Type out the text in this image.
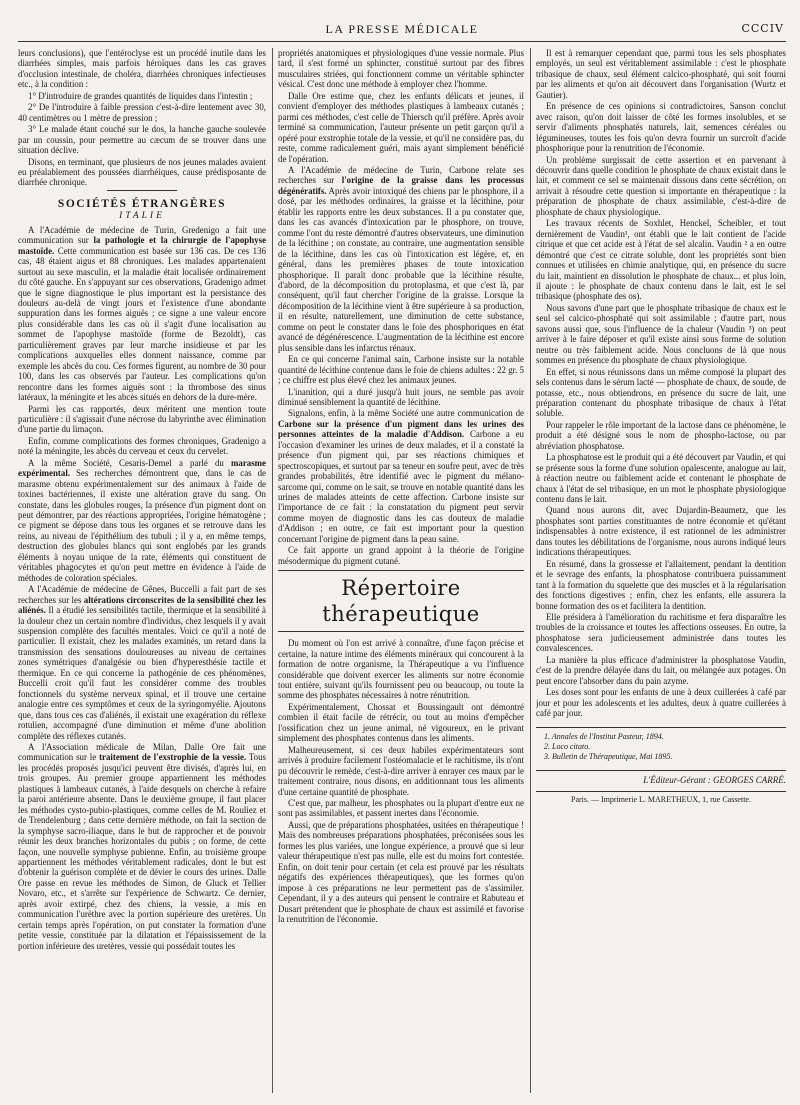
LA PRESSE MÉDICALE	CCCIV

leurs conclusions), que l'entéroclyse est un procédé inutile dans les diarrhées simples, mais parfois héroïques dans les cas graves d'occlusion intestinale, de choléra, diarrhées chroniques infectieuses etc., à la condition :

1° D'introduire de grandes quantités de liquides dans l'intestin ;

2° De l'introduire à faible pression c'est-à-dire lentement avec 30, 40 centimètres ou 1 mètre de pression ;

3° Le malade étant couché sur le dos, la hanche gauche soulevée par un coussin, pour permettre au cæcum de se trouver dans une situation déclive.

Disons, en terminant, que plusieurs de nos jeunes malades avaient eu préalablement des poussées diarrhéiques, cause prédisposante de diarrhée chronique.

SOCIÉTÉS ÉTRANGÈRES
ITALIE

A l'Académie de médecine de Turin, Gredenigo a fait une communication sur la pathologie et la chirurgie de l'apophyse mastoïde. Cette communication est basée sur 136 cas. De ces 136 cas, 48 étaient aigus et 88 chroniques. Les malades appartenaient surtout au sexe masculin, et la maladie était localisée ordinairement du côté gauche. En s'appuyant sur ces observations, Gradenigo admet que le signe diagnostique le plus important est la persistance des douleurs au-delà de vingt jours et l'existence d'une abondante suppuration dans les formes aiguës ; ce signe a une valeur encore plus considérable dans les cas où il s'agit d'une localisation au sommet de l'apophyse mastoïde (forme de Bezoldt), cas particulièrement graves par leur marche insidieuse et par les complications auxquelles elles donnent naissance, comme par exemple les abcès du cou. Ces formes figurent, au nombre de 30 pour 100, dans les cas observés par l'auteur. Les complications qu'on rencontre dans les formes aiguës sont : la thrombose des sinus latéraux, la méningite et les abcès situés en dehors de la dure-mère.

Parmi les cas rapportés, deux méritent une mention toute particulière : il s'agissait d'une nécrose du labyrinthe avec élimination d'une partie du limaçon.

Enfin, comme complications des formes chroniques, Gradenigo a noté la méningite, les abcès du cerveau et ceux du cervelet.

A la même Société, Cesaris-Demel a parlé du marasme expérimental. Ses recherches démontrent que, dans le cas de marasme obtenu expérimentalement sur des animaux à l'aide de toxines bactériennes, il existe une altération grave du sang. On constate, dans les globules rouges, la présence d'un pigment dont on peut démontrer, par des réactions appropriées, l'origine hématogène ; ce pigment se dépose dans tous les organes et se retrouve dans les reins, au niveau de l'épithélium des tubuli ; il y a, en même temps, destruction des globules blancs qui sont englobés par les grands éléments à noyau unique de la rate, éléments qui constituent de véritables phagocytes et qu'on peut mettre en évidence à l'aide de méthodes de coloration spéciales.

A l'Académie de médecine de Gênes, Buccelli a fait part de ses recherches sur les altérations circonscrites de la sensibilité chez les aliénés. Il a étudié les sensibilités tactile, thermique et la sensibilité à la douleur chez un certain nombre d'individus, chez lesquels il y avait suspension complète des facultés mentales. Voici ce qu'il a noté de particulier. Il existait, chez les malades examinés, un retard dans la transmission des sensations douloureuses au niveau de certaines zones symétriques d'analgésie ou bien d'hyperesthésie tactile et thermique. En ce qui concerne la pathogénie de ces phénomènes, Buccelli croit qu'il faut les considérer comme des troubles fonctionnels du système nerveux spinal, et il trouve une certaine analogie entre ces symptômes et ceux de la syringomyélie. Ajoutons que, dans tous ces cas d'aliénés, il existait une exagération du réflexe rotulien, accompagné d'une diminution et même d'une abolition complète des réflexes cutanés.

A l'Association médicale de Milan, Dalle Ore fait une communication sur le traitement de l'exstrophie de la vessie. Tous les procédés proposés jusqu'ici peuvent être divisés, d'après lui, en trois groupes. Au premier groupe appartiennent les méthodes plastiques à lambeaux cutanés, à l'aide desquels on cherche à refaire la paroi antérieure absente. Dans le deuxième groupe, il faut placer les méthodes cysto-pubio-plastiques, comme celles de M. Rouliez et de Trendelenburg ; dans cette dernière méthode, on fait la section de la symphyse sacro-iliaque, dans le but de rapprocher et de pouvoir réunir les deux branches horizontales du pubis ; on forme, de cette façon, une nouvelle symphyse pubienne. Enfin, au troisième groupe appartiennent les méthodes véritablement radicales, dont le but est d'obtenir la guérison complète et de dévier le cours des urines. Dalle Ore passe en revue les méthodes de Simon, de Gluck et Tellier Novaro, etc., et s'arrête sur l'expérience de Schwartz. Ce dernier, après avoir extirpé, chez des chiens, la vessie, a mis en communication l'urèthre avec la portion supérieure des uretères. Un certain temps après l'opération, on put constater la formation d'une petite vessie, constituée par la dilatation et l'épaississement de la portion inférieure des uretères, vessie qui possédait toutes les

propriétés anatomiques et physiologiques d'une vessie normale. Plus tard, il s'est formé un sphincter, constitué surtout par des fibres musculaires striées, qui fonctionnent comme un véritable sphincter vésical. C'est donc une méthode à employer chez l'homme.

Dalle Ore estime que, chez les enfants délicats et jeunes, il convient d'employer des méthodes plastiques à lambeaux cutanés ; parmi ces méthodes, c'est celle de Thiersch qu'il préfère. Après avoir terminé sa communication, l'auteur présente un petit garçon qu'il a opéré pour exstrophie totale de la vessie, et qu'il ne considère pas, du reste, comme radicalement guéri, mais ayant simplement bénéficié de l'opération.

A l'Académie de médecine de Turin, Carbone relate ses recherches sur l'origine de la graisse dans les processus dégénératifs. Après avoir intoxiqué des chiens par le phosphore, il a dosé, par les méthodes ordinaires, la graisse et la lécithine, pour établir les rapports entre les deux substances. Il a pu constater que, dans les cas avancés d'intoxication par le phosphore, on trouve, comme l'ont du reste démontré d'autres observateurs, une diminution de la lécithine ; on constate, au contraire, une augmentation sensible de la lécithine, dans les cas où l'intoxication est légère, et, en général, dans les premières phases de toute intoxication phosphorique. Il paraît donc probable que la lécithine résulte, d'abord, de la décomposition du protoplasma, et que c'est là, par conséquent, qu'il faut chercher l'origine de la graisse. Lorsque la décomposition de la lécithine vient à être supérieure à sa production, il en résulte, naturellement, une diminution de cette substance, comme on peut le constater dans le foie des phosphoriques en état avancé de dégénérescence. L'augmentation de la lécithine est encore plus sensible dans les infarctus rénaux.

En ce qui concerne l'animal sain, Carbone insiste sur la notable quantité de lécithine contenue dans le foie de chiens adultes : 22 gr. 5 ; ce chiffre est plus élevé chez les animaux jeunes.

L'inanition, qui a duré jusqu'à huit jours, ne semble pas avoir diminué sensiblement la quantité de lécithine.

Signalons, enfin, à la même Société une autre communication de Carbone sur la présence d'un pigment dans les urines des personnes atteintes de la maladie d'Addison. Carbone a eu l'occasion d'examiner les urines de deux malades, et il a constaté la présence d'un pigment qui, par ses réactions chimiques et spectroscopiques, et surtout par sa teneur en soufre peut, avec de très grandes probabilités, être identifié avec le pigment du mélano-sarcome qui, comme on le sait, se trouve en notable quantité dans les urines de malades atteints de cette affection. Carbone insiste sur l'importance de ce fait : la constatation du pigment peut servir comme moyen de diagnostic dans les cas douteux de maladie d'Addison ; en outre, ce fait est important pour la question concernant l'origine de pigment dans la peau saine.

Ce fait apporte un grand appoint à la théorie de l'origine mésodermique du pigment cutané.

Répertoire thérapeutique

Du moment où l'on est arrivé à connaître, d'une façon précise et certaine, la nature intime des éléments minéraux qui concourent à la formation de notre organisme, la Thérapeutique a vu l'influence considérable que doivent exercer les aliments sur notre économie tout entière, suivant qu'ils fournissent peu ou beaucoup, ou toute la somme des phosphates nécessaires à notre rénutrition.

Expérimentalement, Chossat et Boussingault ont démontré combien il était facile de rétrécir, ou tout au moins d'empêcher l'ossification chez un jeune animal, né vigoureux, en le privant simplement des phosphates contenus dans les aliments.

Malheureusement, si ces deux habiles expérimentateurs sont arrivés à produire facilement l'ostéomalacie et le rachitisme, ils n'ont pu découvrir le remède, c'est-à-dire arriver à enrayer ces maux par le traitement contraire, nous disons, en additionnant tous les aliments d'une certaine quantité de phosphate.

C'est que, par malheur, les phosphates ou la plupart d'entre eux ne sont pas assimilables, et passent inertes dans l'économie.

Aussi, que de préparations phosphatées, usitées en thérapeutique ! Mais des nombreuses préparations phosphatées, préconisées sous les formes les plus variées, une longue expérience, a prouvé que si leur valeur thérapeutique n'est pas nulle, elle est du moins fort contestée. Enfin, on doit tenir pour certain (et cela est prouvé par les résultats négatifs des expériences thérapeutiques), que les formes qu'on impose à ces préparations ne leur permettent pas de s'assimiler. Cependant, il y a des auteurs qui pensent le contraire et Rabuteau et Dusart prétendent que le phosphate de chaux est assimilé et favorise la renutrition de l'économie.

Il est à remarquer cependant que, parmi tous les sels phosphates employés, un seul est véritablement assimilable : c'est le phosphate tribasique de chaux, seul élément calcico-phosphaté, qui soit fourni par les aliments et qu'on ait découvert dans l'organisation (Wurtz et Gautier).

En présence de ces opinions si contradictoires, Sanson conclut avec raison, qu'on doit laisser de côté les formes insolubles, et se servir d'aliments phosphatés naturels, lait, semences céréales ou légumineuses, toutes les fois qu'on devra fournir un surcroît d'acide phosphorique pour la renutrition de l'économie.

Un problème surgissait de cette assertion et en parvenant à découvrir dans quelle condition le phosphate de chaux existait dans le lait, et comment ce sel se maintenait dissous dans cette sécrétion, on arrivait à résoudre cette question si importante en thérapeutique : la préparation de phosphate de chaux assimilable, c'est-à-dire de phosphate de chaux physiologique.

Les travaux récents de Soxhlet, Henckel, Scheibler, et tout dernièrement de Vaudin¹, ont établi que le lait contient de l'acide citrique et que cet acide est à l'état de sel alcalin. Vaudin ² a en outre démontré que c'est ce citrate soluble, dont les propriétés sont bien connues et utilisées en chimie analytique, qui, en présence du sucre du lait, maintient en dissolution le phosphate de chaux... et plus loin, il ajoute : le phosphate de chaux contenu dans le lait, est le sel tribasique (phosphate des os).

Nous savons d'une part que le phosphate tribasique de chaux est le seul sel calcico-phosphaté qui soit assimilable ; d'autre part, nous savons aussi que, sous l'influence de la chaleur (Vaudin ³) on peut arriver à le faire déposer et qu'il existe ainsi sous forme de solution neutre ou très faiblement acide. Nous concluons de là que nous sommes en présence du phosphate de chaux physiologique.

En effet, si nous réunissons dans un même composé la plupart des sels contenus dans le sérum lacté — phosphate de chaux, de soude, de potasse, etc., nous obtiendrons, en présence du sucre de lait, une préparation contenant du phosphate tribasique de chaux à l'état soluble.

Pour rappeler le rôle important de la lactose dans ce phénomène, le produit a été désigné sous le nom de phospho-lactose, ou par abréviation phosphatose.

La phosphatose est le produit qui a été découvert par Vaudin, et qui se présente sous la forme d'une solution opalescente, analogue au lait, à réaction neutre ou faiblement acide et contenant le phosphate de chaux à l'état de sel tribasique, en un mot le phosphate physiologique contenu dans le lait.

Quand nous aurons dit, avec Dujardin-Beaumetz, que les phosphates sont parties constituantes de notre économie et qu'étant indispensables à notre existence, il est rationnel de les administrer dans toutes les débilitations de l'organisme, nous aurons indiqué leurs indications thérapeutiques.

En résumé, dans la grossesse et l'allaitement, pendant la dentition et le sevrage des enfants, la phosphatose contribuera puissamment tant à la formation du squelette que des muscles et à la régularisation des fonctions digestives ; enfin, chez les enfants, elle assurera la bonne formation des os et facilitera la dentition.

Elle présidera à l'amélioration du rachitisme et fera disparaître les troubles de la croissance et toutes les affections osseuses. En outre, la phosphatose sera judicieusement administrée dans toutes les convalescences.

La manière la plus efficace d'administrer la phosphatose Vaudin, c'est de la prendre délayée dans du lait, ou mélangée aux potages. On peut encore l'absorber dans du pain azyme.

Les doses sont pour les enfants de une à deux cuillerées à café par jour et pour les adolescents et les adultes, deux à quatre cuillerées à café par jour.

1. Annales de l'Institut Pasteur, 1894.
2. Loco citato.
3. Bulletin de Thérapeutique, Mai 1895.
L'Éditeur-Gérant : GEORGES CARRÉ.
Paris. — Imprimerie L. MARETHEUX, 1, rue Cassette.
